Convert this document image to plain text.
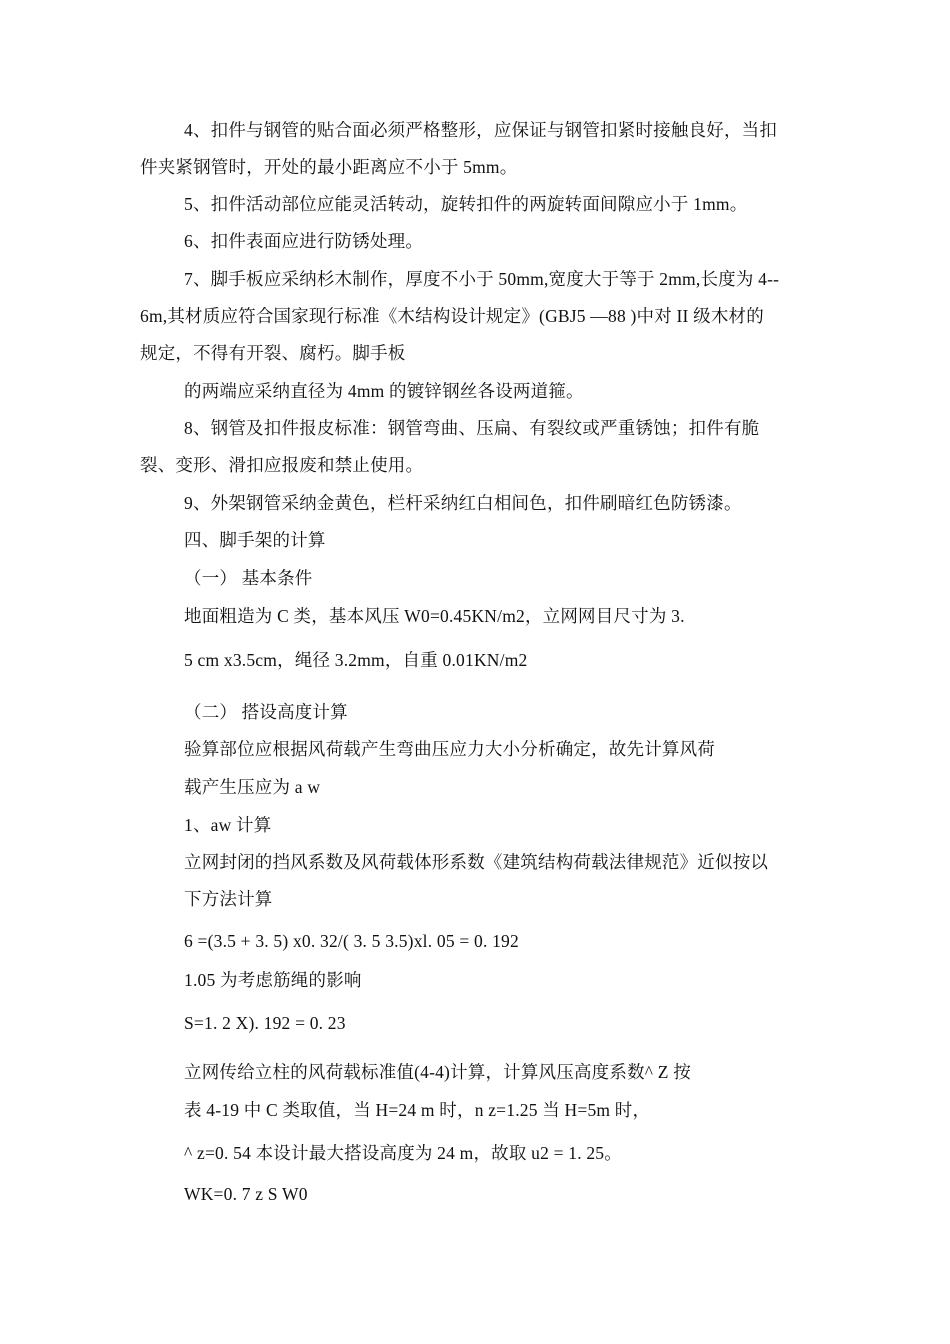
4、扣件与钢管的贴合面必须严格整形，应保证与钢管扣紧时接触良好，当扣
件夹紧钢管时，开处的最小距离应不小于 5mm。
5、扣件活动部位应能灵活转动，旋转扣件的两旋转面间隙应小于 1mm。
6、扣件表面应进行防锈处理。
7、脚手板应采纳杉木制作，厚度不小于 50mm,宽度大于等于 2mm,长度为 4--
6m,其材质应符合国家现行标准《木结构设计规定》(GBJ5 —88 )中对 II 级木材的
规定，不得有开裂、腐朽。脚手板
的两端应采纳直径为 4mm 的镀锌钢丝各设两道箍。
8、钢管及扣件报皮标准：钢管弯曲、压扁、有裂纹或严重锈蚀；扣件有脆
裂、变形、滑扣应报废和禁止使用。
9、外架钢管采纳金黄色，栏杆采纳红白相间色，扣件刷暗红色防锈漆。
四、脚手架的计算
（一） 基本条件
地面粗造为 C 类，基本风压 W0=0.45KN/m2，立网网目尺寸为 3.
5 cm x3.5cm，绳径 3.2mm，自重 0.01KN/m2
（二） 搭设高度计算
验算部位应根据风荷载产生弯曲压应力大小分析确定，故先计算风荷
载产生压应为 a w
1、aw 计算
立网封闭的挡风系数及风荷载体形系数《建筑结构荷载法律规范》近似按以
下方法计算
6 =(3.5 + 3. 5) x0. 32/( 3. 5 3.5)xl. 05 = 0. 192
1.05 为考虑筋绳的影响
S=1. 2 X). 192 = 0. 23
立网传给立柱的风荷载标准值(4-4)计算，计算风压高度系数^ Z 按
表 4-19 中 C 类取值，当 H=24 m 时，n z=1.25 当 H=5m 时，
^ z=0. 54 本设计最大搭设高度为 24 m，故取 u2 = 1. 25。
WK=0. 7 z S W0
